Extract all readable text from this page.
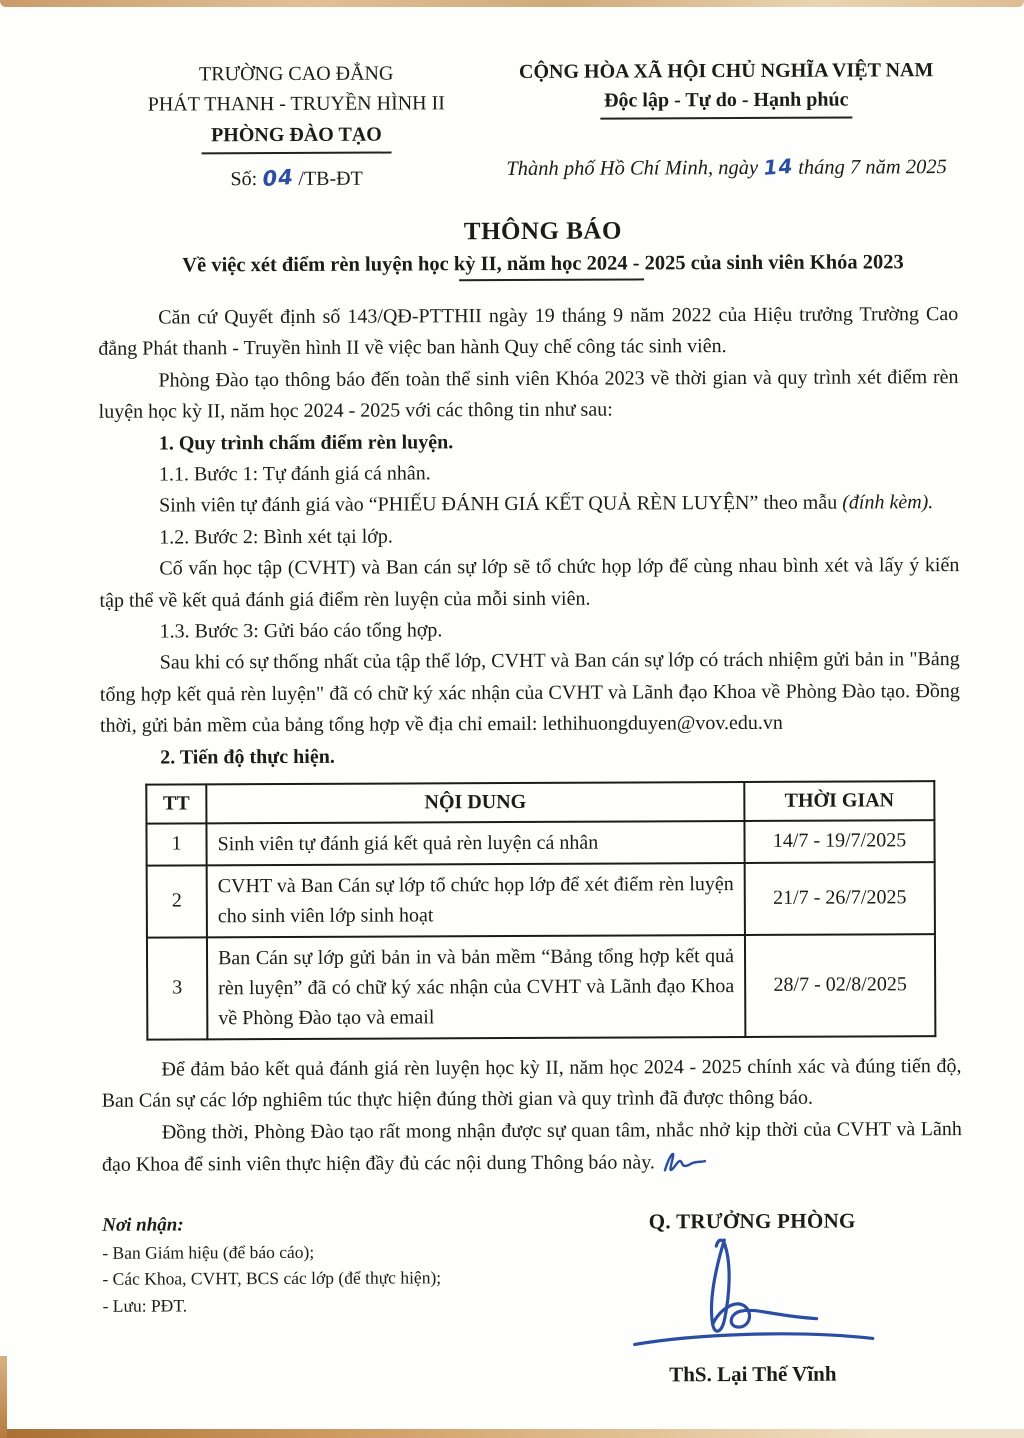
TRƯỜNG CAO ĐẲNG
PHÁT THANH - TRUYỀN HÌNH II
PHÒNG ĐÀO TẠO
Số: 04 /TB-ĐT
CỘNG HÒA XÃ HỘI CHỦ NGHĨA VIỆT NAM
Độc lập - Tự do - Hạnh phúc
Thành phố Hồ Chí Minh, ngày 14 tháng 7 năm 2025
THÔNG BÁO
Về việc xét điểm rèn luyện học kỳ II, năm học 2024 - 2025 của sinh viên Khóa 2023

Căn cứ Quyết định số 143/QĐ-PTTHII ngày 19 tháng 9 năm 2022 của Hiệu trưởng Trường Cao đẳng Phát thanh - Truyền hình II về việc ban hành Quy chế công tác sinh viên.

Phòng Đào tạo thông báo đến toàn thể sinh viên Khóa 2023 về thời gian và quy trình xét điểm rèn luyện học kỳ II, năm học 2024 - 2025 với các thông tin như sau:

1. Quy trình chấm điểm rèn luyện.

1.1. Bước 1: Tự đánh giá cá nhân.

Sinh viên tự đánh giá vào “PHIẾU ĐÁNH GIÁ KẾT QUẢ RÈN LUYỆN” theo mẫu (đính kèm).

1.2. Bước 2: Bình xét tại lớp.

Cố vấn học tập (CVHT) và Ban cán sự lớp sẽ tổ chức họp lớp để cùng nhau bình xét và lấy ý kiến tập thể về kết quả đánh giá điểm rèn luyện của mỗi sinh viên.

1.3. Bước 3: Gửi báo cáo tổng hợp.

Sau khi có sự thống nhất của tập thể lớp, CVHT và Ban cán sự lớp có trách nhiệm gửi bản in "Bảng tổng hợp kết quả rèn luyện" đã có chữ ký xác nhận của CVHT và Lãnh đạo Khoa về Phòng Đào tạo. Đồng thời, gửi bản mềm của bảng tổng hợp về địa chỉ email: lethihuongduyen@vov.edu.vn

2. Tiến độ thực hiện.

TT	NỘI DUNG	THỜI GIAN
1	Sinh viên tự đánh giá kết quả rèn luyện cá nhân	14/7 - 19/7/2025
2	CVHT và Ban Cán sự lớp tổ chức họp lớp để xét điểm rèn luyện cho sinh viên lớp sinh hoạt	21/7 - 26/7/2025
3	Ban Cán sự lớp gửi bản in và bản mềm “Bảng tổng hợp kết quả rèn luyện” đã có chữ ký xác nhận của CVHT và Lãnh đạo Khoa về Phòng Đào tạo và email	28/7 - 02/8/2025

Để đảm bảo kết quả đánh giá rèn luyện học kỳ II, năm học 2024 - 2025 chính xác và đúng tiến độ, Ban Cán sự các lớp nghiêm túc thực hiện đúng thời gian và quy trình đã được thông báo.

Đồng thời, Phòng Đào tạo rất mong nhận được sự quan tâm, nhắc nhở kịp thời của CVHT và Lãnh đạo Khoa để sinh viên thực hiện đầy đủ các nội dung Thông báo này.

Nơi nhận:
- Ban Giám hiệu (để báo cáo);
- Các Khoa, CVHT, BCS các lớp (để thực hiện);
- Lưu: PĐT.
Q. TRƯỞNG PHÒNG
ThS. Lại Thế Vĩnh
